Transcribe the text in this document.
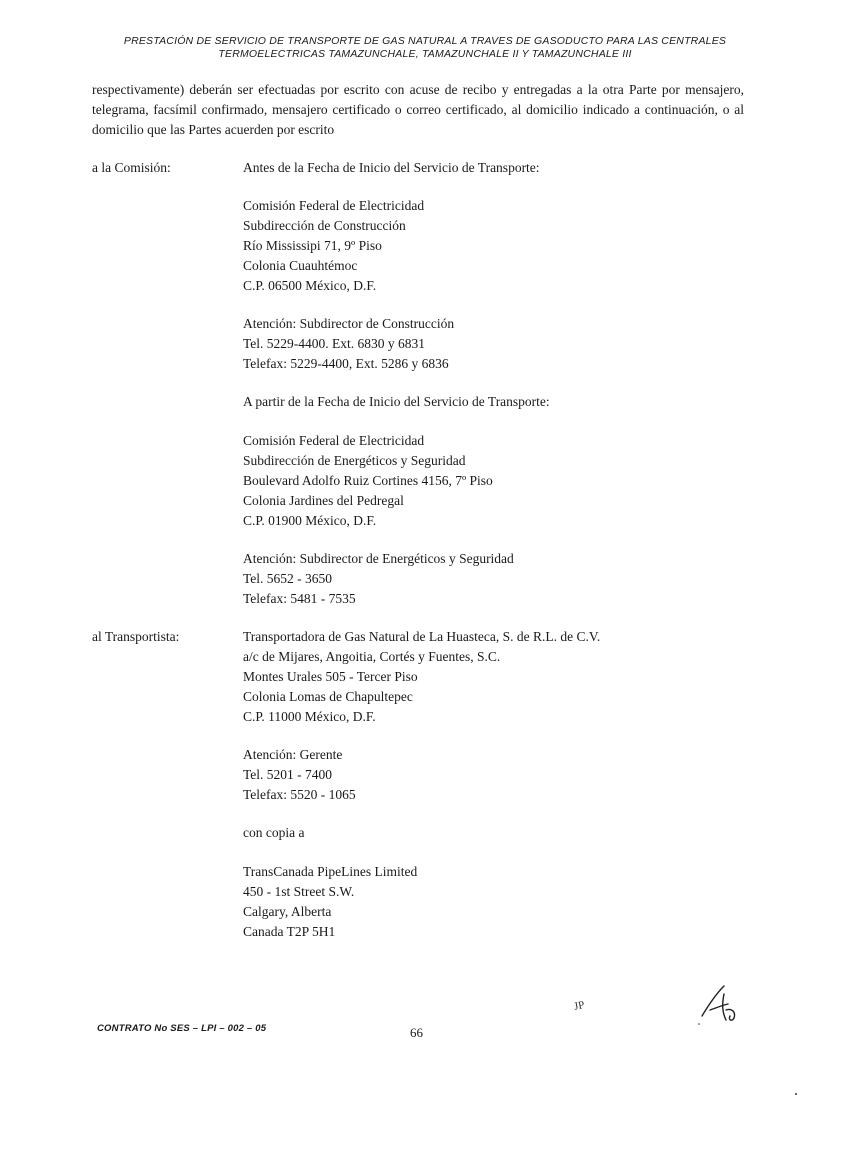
PRESTACIÓN DE SERVICIO DE TRANSPORTE DE GAS NATURAL A TRAVES DE GASODUCTO PARA LAS CENTRALES
TERMOELECTRICAS TAMAZUNCHALE, TAMAZUNCHALE II Y TAMAZUNCHALE III
respectivamente) deberán ser efectuadas por escrito con acuse de recibo y entregadas a la otra Parte por mensajero, telegrama, facsímil confirmado, mensajero certificado o correo certificado, al domicilio indicado a continuación, o al domicilio que las Partes acuerden por escrito
a la Comisión:	Antes de la Fecha de Inicio del Servicio de Transporte:
Comisión Federal de Electricidad
Subdirección de Construcción
Río Mississipi 71, 9º Piso
Colonia Cuauhtémoc
C.P. 06500 México, D.F.
Atención: Subdirector de Construcción
Tel. 5229-4400. Ext. 6830 y 6831
Telefax: 5229-4400, Ext. 5286 y 6836
A partir de la Fecha de Inicio del Servicio de Transporte:
Comisión Federal de Electricidad
Subdirección de Energéticos y Seguridad
Boulevard Adolfo Ruiz Cortines 4156, 7º Piso
Colonia Jardines del Pedregal
C.P. 01900 México, D.F.
Atención: Subdirector de Energéticos y Seguridad
Tel. 5652 - 3650
Telefax: 5481 - 7535
al Transportista:	Transportadora de Gas Natural de La Huasteca, S. de R.L. de C.V.
a/c de Mijares, Angoitia, Cortés y Fuentes, S.C.
Montes Urales 505 - Tercer Piso
Colonia Lomas de Chapultepec
C.P. 11000 México, D.F.
Atención: Gerente
Tel. 5201 - 7400
Telefax: 5520 - 1065
con copia a
TransCanada PipeLines Limited
450 - 1st Street S.W.
Calgary, Alberta
Canada T2P 5H1
CONTRATO No SES – LPI – 002 – 05	66
JP
